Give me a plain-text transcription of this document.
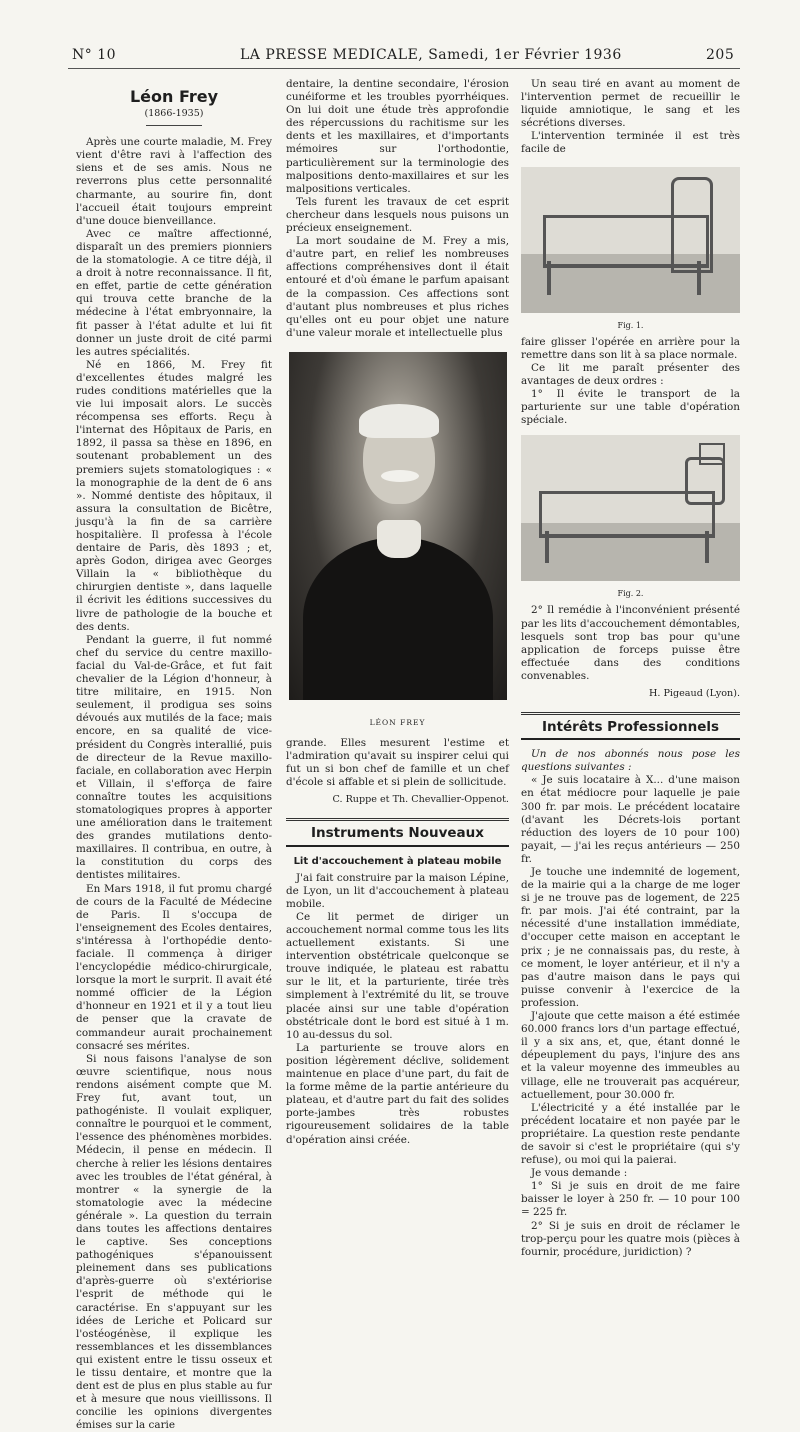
N° 10	LA PRESSE MEDICALE, Samedi, 1er Février 1936	205
Léon Frey
(1866-1935)

Après une courte maladie, M. Frey vient d'être ravi à l'affection des siens et de ses amis. Nous ne reverrons plus cette personnalité charmante, au sourire fin, dont l'accueil était toujours empreint d'une douce bienveillance.

Avec ce maître affectionné, disparaît un des premiers pionniers de la stomatologie. A ce titre déjà, il a droit à notre reconnaissance. Il fit, en effet, partie de cette génération qui trouva cette branche de la médecine à l'état embryonnaire, la fit passer à l'état adulte et lui fit donner un juste droit de cité parmi les autres spécialités.

Né en 1866, M. Frey fit d'excellentes études malgré les rudes conditions matérielles que la vie lui imposait alors. Le succès récompensa ses efforts. Reçu à l'internat des Hôpitaux de Paris, en 1892, il passa sa thèse en 1896, en soutenant probablement un des premiers sujets stomatologiques : « la monographie de la dent de 6 ans ». Nommé dentiste des hôpitaux, il assura la consultation de Bicêtre, jusqu'à la fin de sa carrière hospitalière. Il professa à l'école dentaire de Paris, dès 1893 ; et, après Godon, dirigea avec Georges Villain la « bibliothèque du chirurgien dentiste », dans laquelle il écrivit les éditions successives du livre de pathologie de la bouche et des dents.

Pendant la guerre, il fut nommé chef du service du centre maxillo-facial du Val-de-Grâce, et fut fait chevalier de la Légion d'honneur, à titre militaire, en 1915. Non seulement, il prodigua ses soins dévoués aux mutilés de la face; mais encore, en sa qualité de vice-président du Congrès interallié, puis de directeur de la Revue maxillo-faciale, en collaboration avec Herpin et Villain, il s'efforça de faire connaître toutes les acquisitions stomatologiques propres à apporter une amélioration dans le traitement des grandes mutilations dento-maxillaires. Il contribua, en outre, à la constitution du corps des dentistes militaires.

En Mars 1918, il fut promu chargé de cours de la Faculté de Médecine de Paris. Il s'occupa de l'enseignement des Ecoles dentaires, s'intéressa à l'orthopédie dento-faciale. Il commença à diriger l'encyclopédie médico-chirurgicale, lorsque la mort le surprit. Il avait été nommé officier de la Légion d'honneur en 1921 et il y a tout lieu de penser que la cravate de commandeur aurait prochainement consacré ses mérites.

Si nous faisons l'analyse de son œuvre scientifique, nous nous rendons aisément compte que M. Frey fut, avant tout, un pathogéniste. Il voulait expliquer, connaître le pourquoi et le comment, l'essence des phénomènes morbides. Médecin, il pense en médecin. Il cherche à relier les lésions dentaires avec les troubles de l'état général, à montrer « la synergie de la stomatologie avec la médecine générale ». La question du terrain dans toutes les affections dentaires le captive. Ses conceptions pathogéniques s'épanouissent pleinement dans ses publications d'après-guerre où s'extériorise l'esprit de méthode qui le caractérise. En s'appuyant sur les idées de Leriche et Policard sur l'ostéogénèse, il explique les ressemblances et les dissemblances qui existent entre le tissu osseux et le tissu dentaire, et montre que la dent est de plus en plus stable au fur et à mesure que nous vieillissons. Il concilie les opinions divergentes émises sur la carie

dentaire, la dentine secondaire, l'érosion cunéiforme et les troubles pyorrhéiques. On lui doit une étude très approfondie des répercussions du rachitisme sur les dents et les maxillaires, et d'importants mémoires sur l'orthodontie, particulièrement sur la terminologie des malpositions dento-maxillaires et sur les malpositions verticales.

Tels furent les travaux de cet esprit chercheur dans lesquels nous puisons un précieux enseignement.

La mort soudaine de M. Frey a mis, d'autre part, en relief les nombreuses affections compréhensives dont il était entouré et d'où émane le parfum apaisant de la compassion. Ces affections sont d'autant plus nombreuses et plus riches qu'elles ont eu pour objet une nature d'une valeur morale et intellectuelle plus

LÉON FREY

grande. Elles mesurent l'estime et l'admiration qu'avait su inspirer celui qui fut un si bon chef de famille et un chef d'école si affable et si plein de sollicitude.

C. Ruppe et Th. Chevallier-Oppenot.
Instruments Nouveaux
Lit d'accouchement à plateau mobile

J'ai fait construire par la maison Lépine, de Lyon, un lit d'accouchement à plateau mobile.

Ce lit permet de diriger un accouchement normal comme tous les lits actuellement existants. Si une intervention obstétricale quelconque se trouve indiquée, le plateau est rabattu sur le lit, et la parturiente, tirée très simplement à l'extrémité du lit, se trouve placée ainsi sur une table d'opération obstétricale dont le bord est situé à 1 m. 10 au-dessus du sol.

La parturiente se trouve alors en position légèrement déclive, solidement maintenue en place d'une part, du fait de la forme même de la partie antérieure du plateau, et d'autre part du fait des solides porte-jambes très robustes rigoureusement solidaires de la table d'opération ainsi créée.

Un seau tiré en avant au moment de l'intervention permet de recueillir le liquide amniotique, le sang et les sécrétions diverses.

L'intervention terminée il est très facile de

Fig. 1.

faire glisser l'opérée en arrière pour la remettre dans son lit à sa place normale.

Ce lit me paraît présenter des avantages de deux ordres :

1° Il évite le transport de la parturiente sur une table d'opération spéciale.

Fig. 2.

2° Il remédie à l'inconvénient présenté par les lits d'accouchement démontables, lesquels sont trop bas pour qu'une application de forceps puisse être effectuée dans des conditions convenables.

H. Pigeaud (Lyon).
Intérêts Professionnels

Un de nos abonnés nous pose les questions suivantes :

« Je suis locataire à X... d'une maison en état médiocre pour laquelle je paie 300 fr. par mois. Le précédent locataire (d'avant les Décrets-lois portant réduction des loyers de 10 pour 100) payait, — j'ai les reçus antérieurs — 250 fr.

Je touche une indemnité de logement, de la mairie qui a la charge de me loger si je ne trouve pas de logement, de 225 fr. par mois. J'ai été contraint, par la nécessité d'une installation immédiate, d'occuper cette maison en acceptant le prix ; je ne connaissais pas, du reste, à ce moment, le loyer antérieur, et il n'y a pas d'autre maison dans le pays qui puisse convenir à l'exercice de la profession.

J'ajoute que cette maison a été estimée 60.000 francs lors d'un partage effectué, il y a six ans, et, que, étant donné le dépeuplement du pays, l'injure des ans et la valeur moyenne des immeubles au village, elle ne trouverait pas acquéreur, actuellement, pour 30.000 fr.

L'électricité y a été installée par le précédent locataire et non payée par le propriétaire. La question reste pendante de savoir si c'est le propriétaire (qui s'y refuse), ou moi qui la paierai.

Je vous demande :

1° Si je suis en droit de me faire baisser le loyer à 250 fr. — 10 pour 100 = 225 fr.

2° Si je suis en droit de réclamer le trop-perçu pour les quatre mois (pièces à fournir, procédure, juridiction) ?
